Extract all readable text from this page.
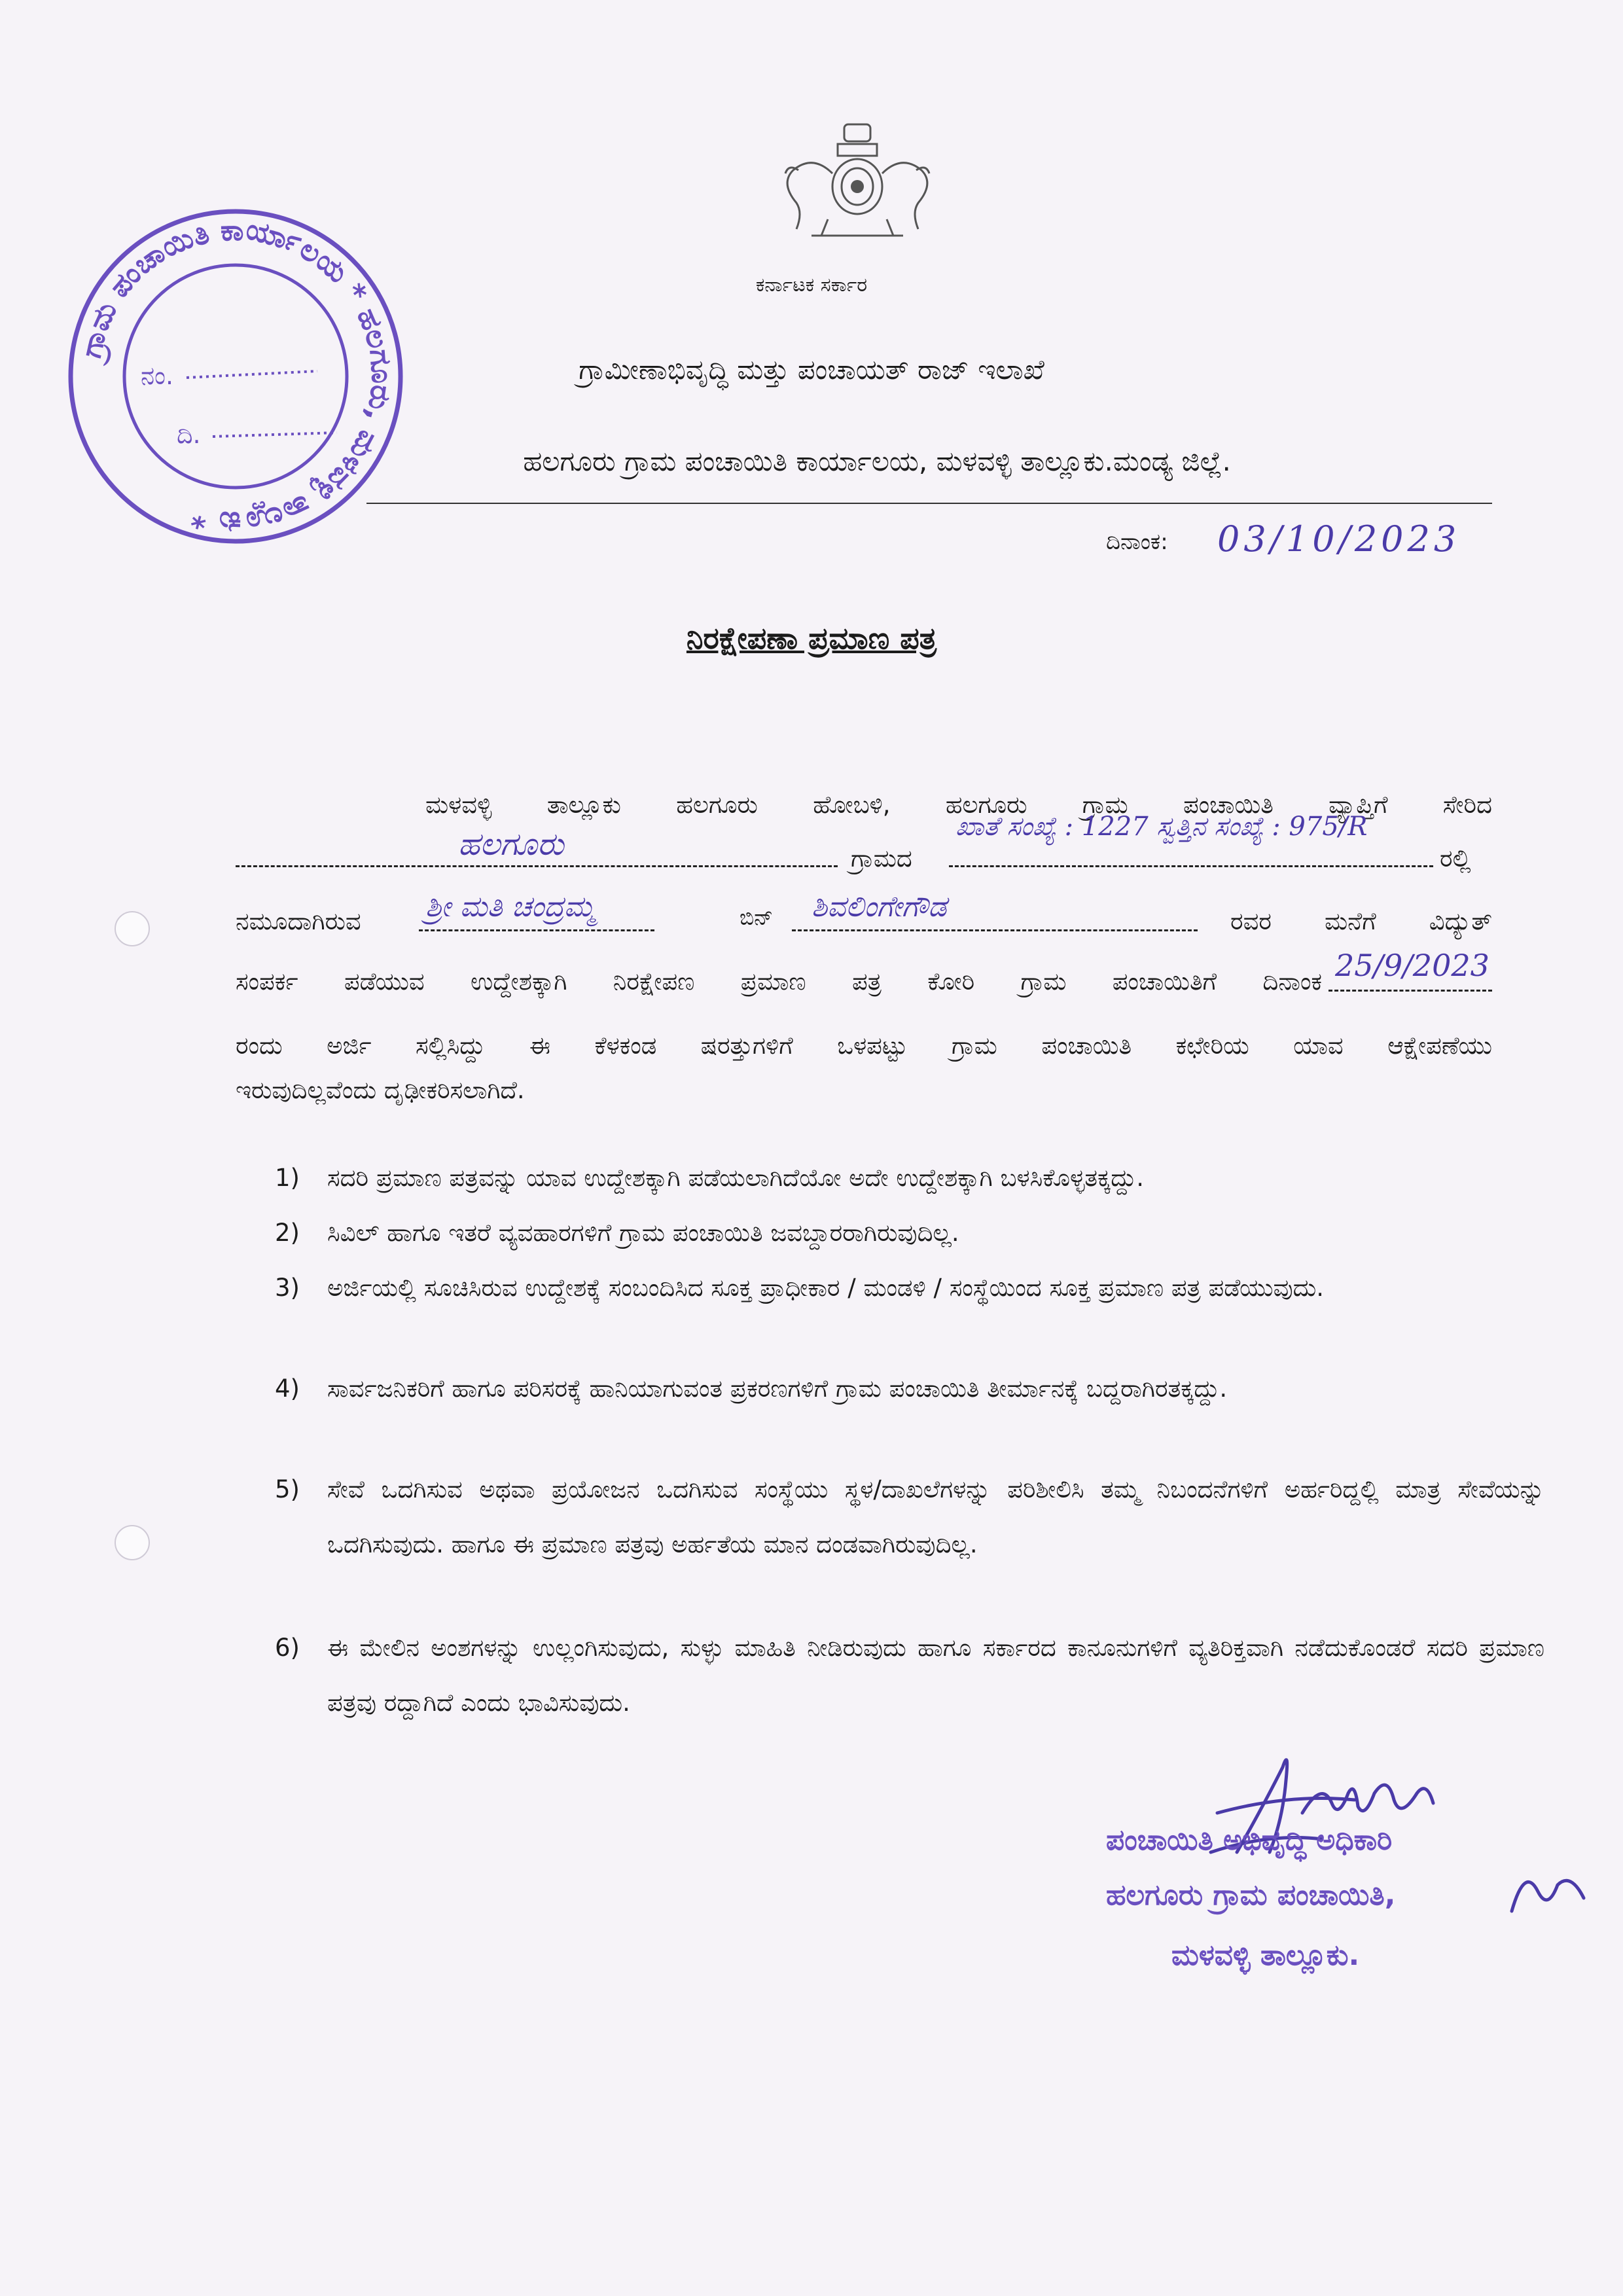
ಕರ್ನಾಟಕ ಸರ್ಕಾರ
ಗ್ರಾಮೀಣಾಭಿವೃದ್ಧಿ ಮತ್ತು ಪಂಚಾಯತ್ ರಾಜ್ ಇಲಾಖೆ
ಹಲಗೂರು ಗ್ರಾಮ ಪಂಚಾಯಿತಿ ಕಾರ್ಯಾಲಯ, ಮಳವಳ್ಳಿ ತಾಲ್ಲೂಕು.ಮಂಡ್ಯ ಜಿಲ್ಲೆ.
ದಿನಾಂಕ: 03/10/2023
ನಿರಕ್ಷೇಪಣಾ ಪ್ರಮಾಣ ಪತ್ರ
ಮಳವಳ್ಳಿ ತಾಲ್ಲೂಕು ಹಲಗೂರು ಹೋಬಳಿ, ಹಲಗೂರು ಗ್ರಾಮ ಪಂಚಾಯಿತಿ ವ್ಯಾಪ್ತಿಗೆ ಸೇರಿದ
ಹಲಗೂರು	ಗ್ರಾಮದ
ಖಾತೆ ಸಂಖ್ಯೆ : 1227 ಸ್ವತ್ತಿನ ಸಂಖ್ಯೆ : 975/R
ರಲ್ಲಿ
ನಮೂದಾಗಿರುವ ಶ್ರೀ ಮತಿ ಚಂದ್ರಮ್ಮ	ಬಿನ್ ಶಿವಲಿಂಗೇಗೌಡ	ರವರ ಮನೆಗೆ ವಿದ್ಯುತ್
ಸಂಪರ್ಕ ಪಡೆಯುವ ಉದ್ದೇಶಕ್ಕಾಗಿ ನಿರಕ್ಷೇಪಣ ಪ್ರಮಾಣ ಪತ್ರ ಕೋರಿ ಗ್ರಾಮ ಪಂಚಾಯಿತಿಗೆ ದಿನಾಂಕ 25/9/2023
ರಂದು ಅರ್ಜಿ ಸಲ್ಲಿಸಿದ್ದು ಈ ಕೆಳಕಂಡ ಷರತ್ತುಗಳಿಗೆ ಒಳಪಟ್ಟು ಗ್ರಾಮ ಪಂಚಾಯಿತಿ ಕಛೇರಿಯ ಯಾವ ಆಕ್ಷೇಪಣೆಯು
ಇರುವುದಿಲ್ಲವೆಂದು ದೃಢೀಕರಿಸಲಾಗಿದೆ.
1)	ಸದರಿ ಪ್ರಮಾಣ ಪತ್ರವನ್ನು ಯಾವ ಉದ್ದೇಶಕ್ಕಾಗಿ ಪಡೆಯಲಾಗಿದೆಯೋ ಅದೇ ಉದ್ದೇಶಕ್ಕಾಗಿ ಬಳಸಿಕೊಳ್ಳತಕ್ಕದ್ದು.
2)	ಸಿವಿಲ್ ಹಾಗೂ ಇತರೆ ವ್ಯವಹಾರಗಳಿಗೆ ಗ್ರಾಮ ಪಂಚಾಯಿತಿ ಜವಬ್ದಾರರಾಗಿರುವುದಿಲ್ಲ.
3)	ಅರ್ಜಿಯಲ್ಲಿ ಸೂಚಿಸಿರುವ ಉದ್ದೇಶಕ್ಕೆ ಸಂಬಂದಿಸಿದ ಸೂಕ್ತ ಪ್ರಾಧೀಕಾರ / ಮಂಡಳಿ / ಸಂಸ್ಥೆಯಿಂದ ಸೂಕ್ತ ಪ್ರಮಾಣ ಪತ್ರ ಪಡೆಯುವುದು.
4)	ಸಾರ್ವಜನಿಕರಿಗೆ ಹಾಗೂ ಪರಿಸರಕ್ಕೆ ಹಾನಿಯಾಗುವಂತ ಪ್ರಕರಣಗಳಿಗೆ ಗ್ರಾಮ ಪಂಚಾಯಿತಿ ತೀರ್ಮಾನಕ್ಕೆ ಬದ್ದರಾಗಿರತಕ್ಕದ್ದು.
5)	ಸೇವೆ ಒದಗಿಸುವ ಅಥವಾ ಪ್ರಯೋಜನ ಒದಗಿಸುವ ಸಂಸ್ಥೆಯು ಸ್ಥಳ/ದಾಖಲೆಗಳನ್ನು ಪರಿಶೀಲಿಸಿ ತಮ್ಮ ನಿಬಂದನೆಗಳಿಗೆ ಅರ್ಹರಿದ್ದಲ್ಲಿ ಮಾತ್ರ ಸೇವೆಯನ್ನು ಒದಗಿಸುವುದು. ಹಾಗೂ ಈ ಪ್ರಮಾಣ ಪತ್ರವು ಅರ್ಹತೆಯ ಮಾನ ದಂಡವಾಗಿರುವುದಿಲ್ಲ.
6)	ಈ ಮೇಲಿನ ಅಂಶಗಳನ್ನು ಉಲ್ಲಂಗಿಸುವುದು, ಸುಳ್ಳು ಮಾಹಿತಿ ನೀಡಿರುವುದು ಹಾಗೂ ಸರ್ಕಾರದ ಕಾನೂನುಗಳಿಗೆ ವ್ಯತಿರಿಕ್ತವಾಗಿ ನಡೆದುಕೊಂಡರೆ ಸದರಿ ಪ್ರಮಾಣ ಪತ್ರವು ರದ್ದಾಗಿದೆ ಎಂದು ಭಾವಿಸುವುದು.
ಗ್ರಾಮ ಪಂಚಾಯಿತಿ ಕಾರ್ಯಾಲಯ * ಹಲಗೂರು, ಮಳವಳ್ಳಿ ತಾಲ್ಲೂಕು *
ನಂ.
ದಿ.
ಪಂಚಾಯಿತಿ ಅಭಿವೃದ್ಧಿ ಅಧಿಕಾರಿ
ಹಲಗೂರು ಗ್ರಾಮ ಪಂಚಾಯಿತಿ,
ಮಳವಳ್ಳಿ ತಾಲ್ಲೂಕು.
